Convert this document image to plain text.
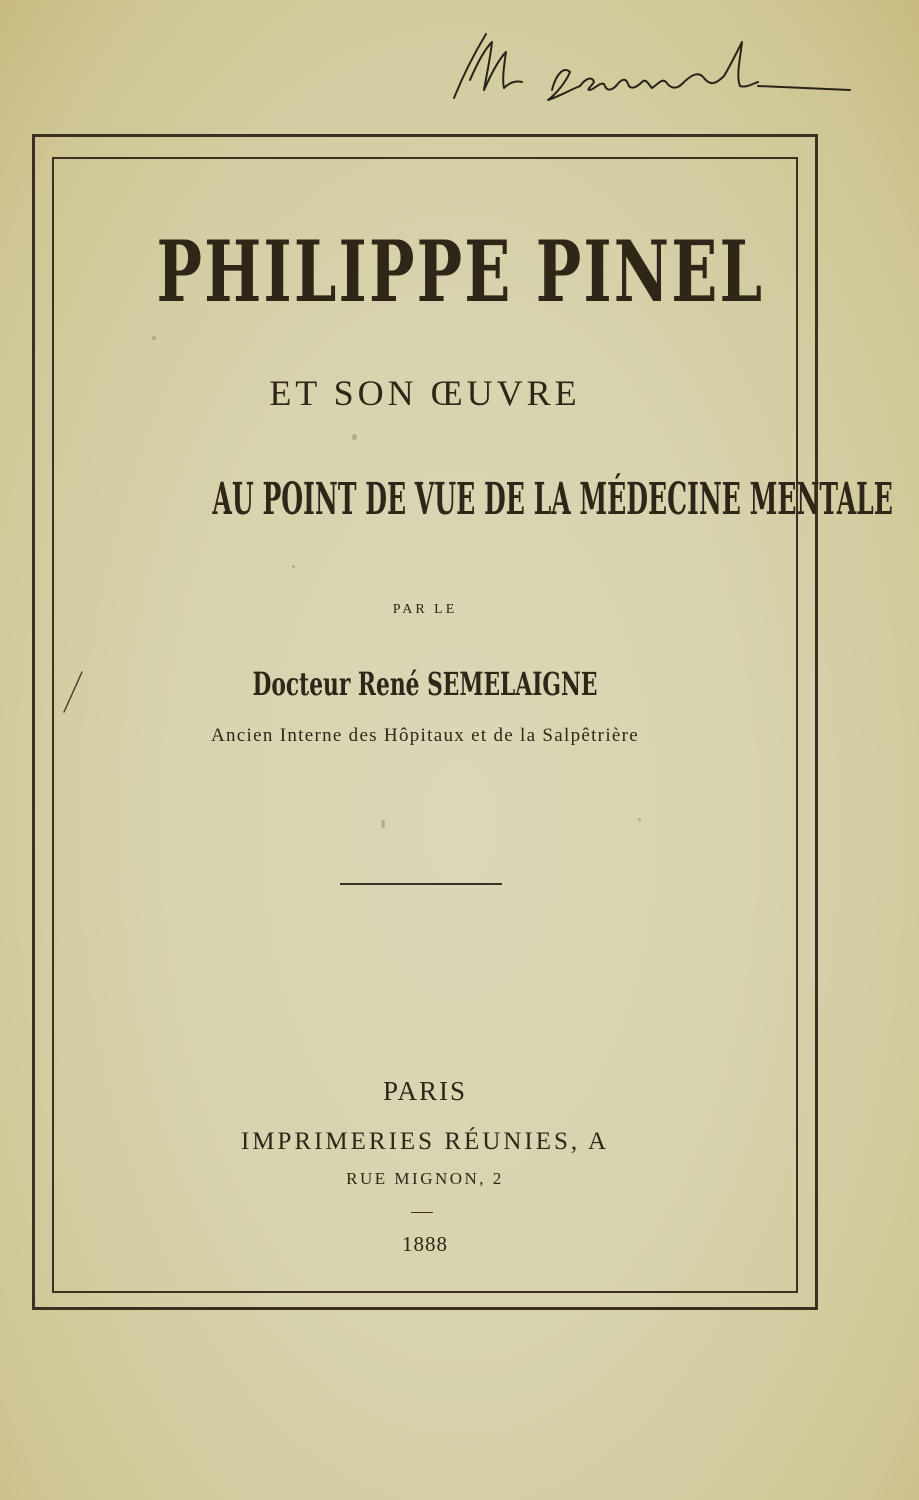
PHILIPPE PINEL
ET SON ŒUVRE
AU POINT DE VUE DE LA MÉDECINE MENTALE
PAR LE
Docteur René SEMELAIGNE
Ancien Interne des Hôpitaux et de la Salpêtrière
PARIS
IMPRIMERIES RÉUNIES, A
RUE MIGNON, 2
1888
